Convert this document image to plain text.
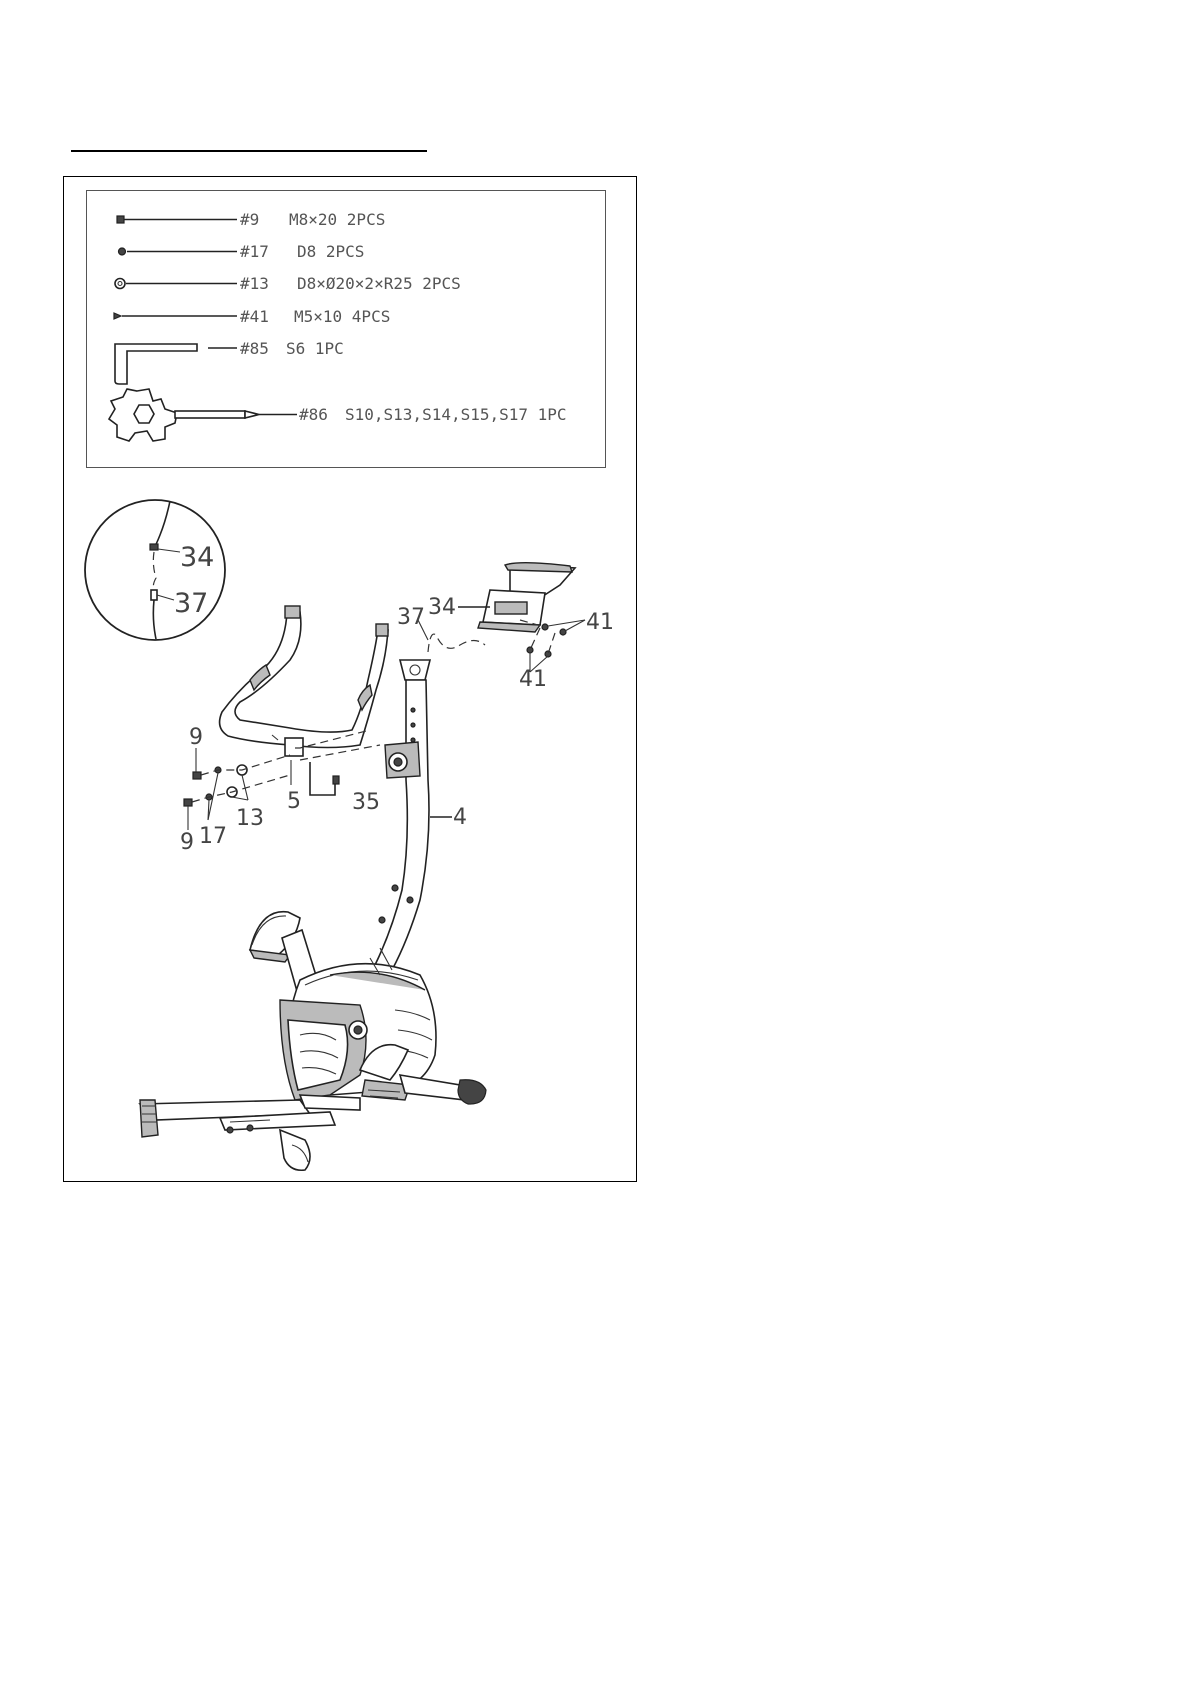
#9 M8×20 2PCS
#17 D8 2PCS
#13 D8×Ø20×2×R25 2PCS
#41 M5×10 4PCS
#85 S6 1PC
#86 S10,S13,S14,S15,S17 1PC
34
37	34
41
41
37
4
5 35
9
9 17
13
